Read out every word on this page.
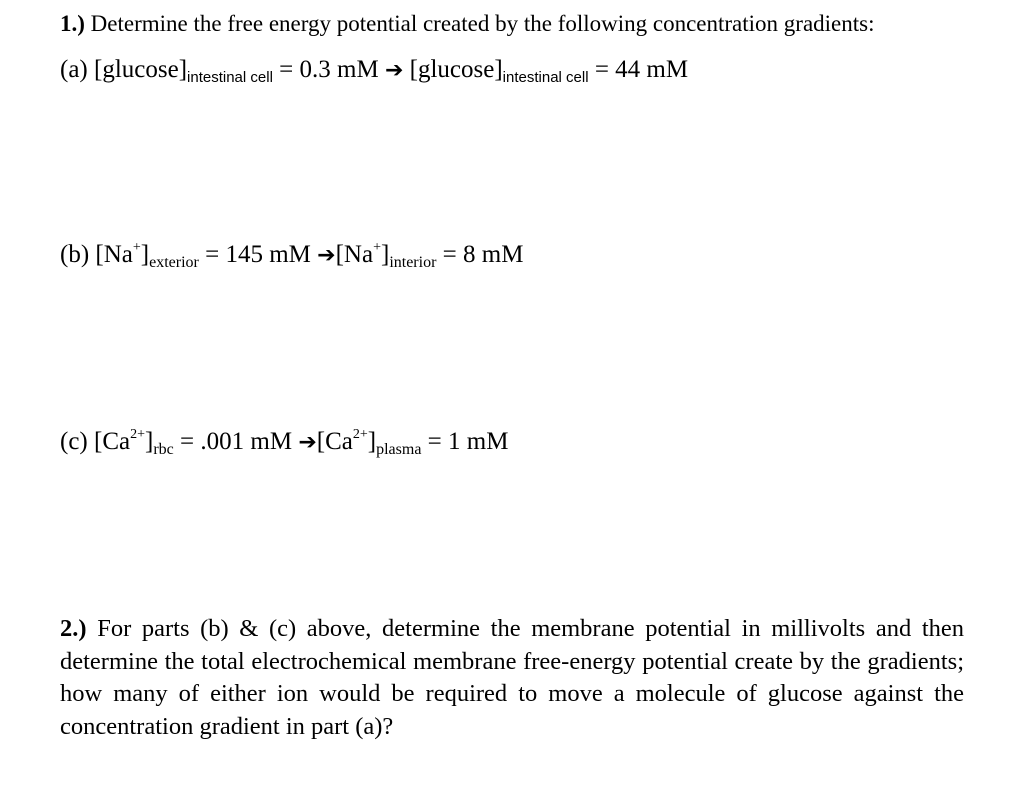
1.) Determine the free energy potential created by the following concentration gradients:
(a) $[glucose]_{intestinal cell} = 0.3$ mM ➔ $[glucose]_{intestinal cell} = 44$ mM
(b) $[Na^+]_{exterior} = 145$ mM $➔[Na^+]_{interior} = 8$ mM
(c) $[Ca^{2+}]_{rbc} = .001$ mM $➔[Ca^{2+}]_{plasma} = 1$ mM
2.) For parts (b) & (c) above, determine the membrane potential in millivolts and then determine the total electrochemical membrane free-energy potential create by the gradients; how many of either ion would be required to move a molecule of glucose against the concentration gradient in part (a)?
